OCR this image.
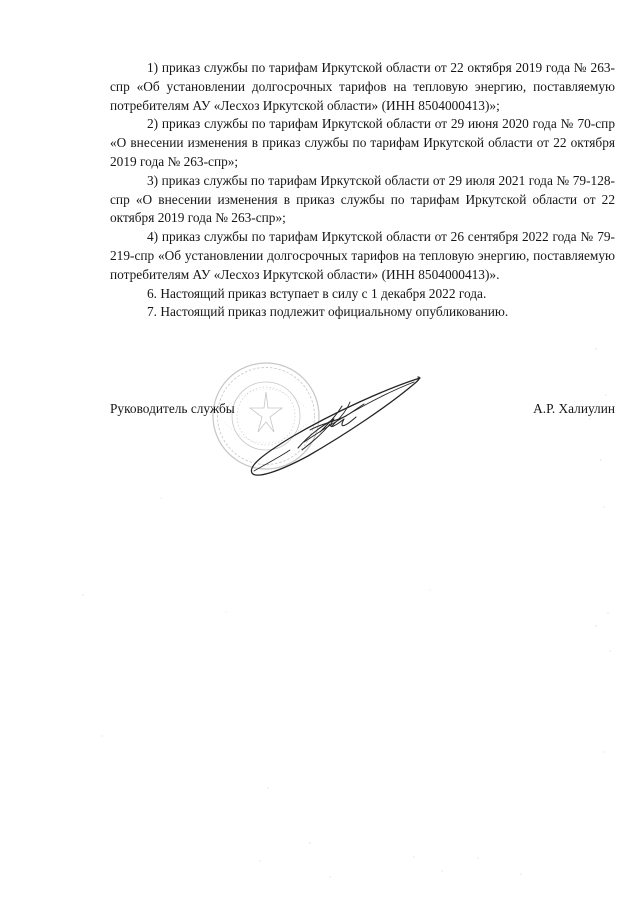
1) приказ службы по тарифам Иркутской области от 22 октября 2019 года № 263-спр «Об установлении долгосрочных тарифов на тепловую энергию, поставляемую потребителям АУ «Лесхоз Иркутской области» (ИНН 8504000413)»;

2) приказ службы по тарифам Иркутской области от 29 июня 2020 года № 70-спр «О внесении изменения в приказ службы по тарифам Иркутской области от 22 октября 2019 года № 263-спр»;

3) приказ службы по тарифам Иркутской области от 29 июля 2021 года № 79-128-спр «О внесении изменения в приказ службы по тарифам Иркутской области от 22 октября 2019 года № 263-спр»;

4) приказ службы по тарифам Иркутской области от 26 сентября 2022 года № 79-219-спр «Об установлении долгосрочных тарифов на тепловую энергию, поставляемую потребителям АУ «Лесхоз Иркутской области» (ИНН 8504000413)».

6. Настоящий приказ вступает в силу с 1 декабря 2022 года.

7. Настоящий приказ подлежит официальному опубликованию.

Руководитель службы	А.Р. Халиулин
